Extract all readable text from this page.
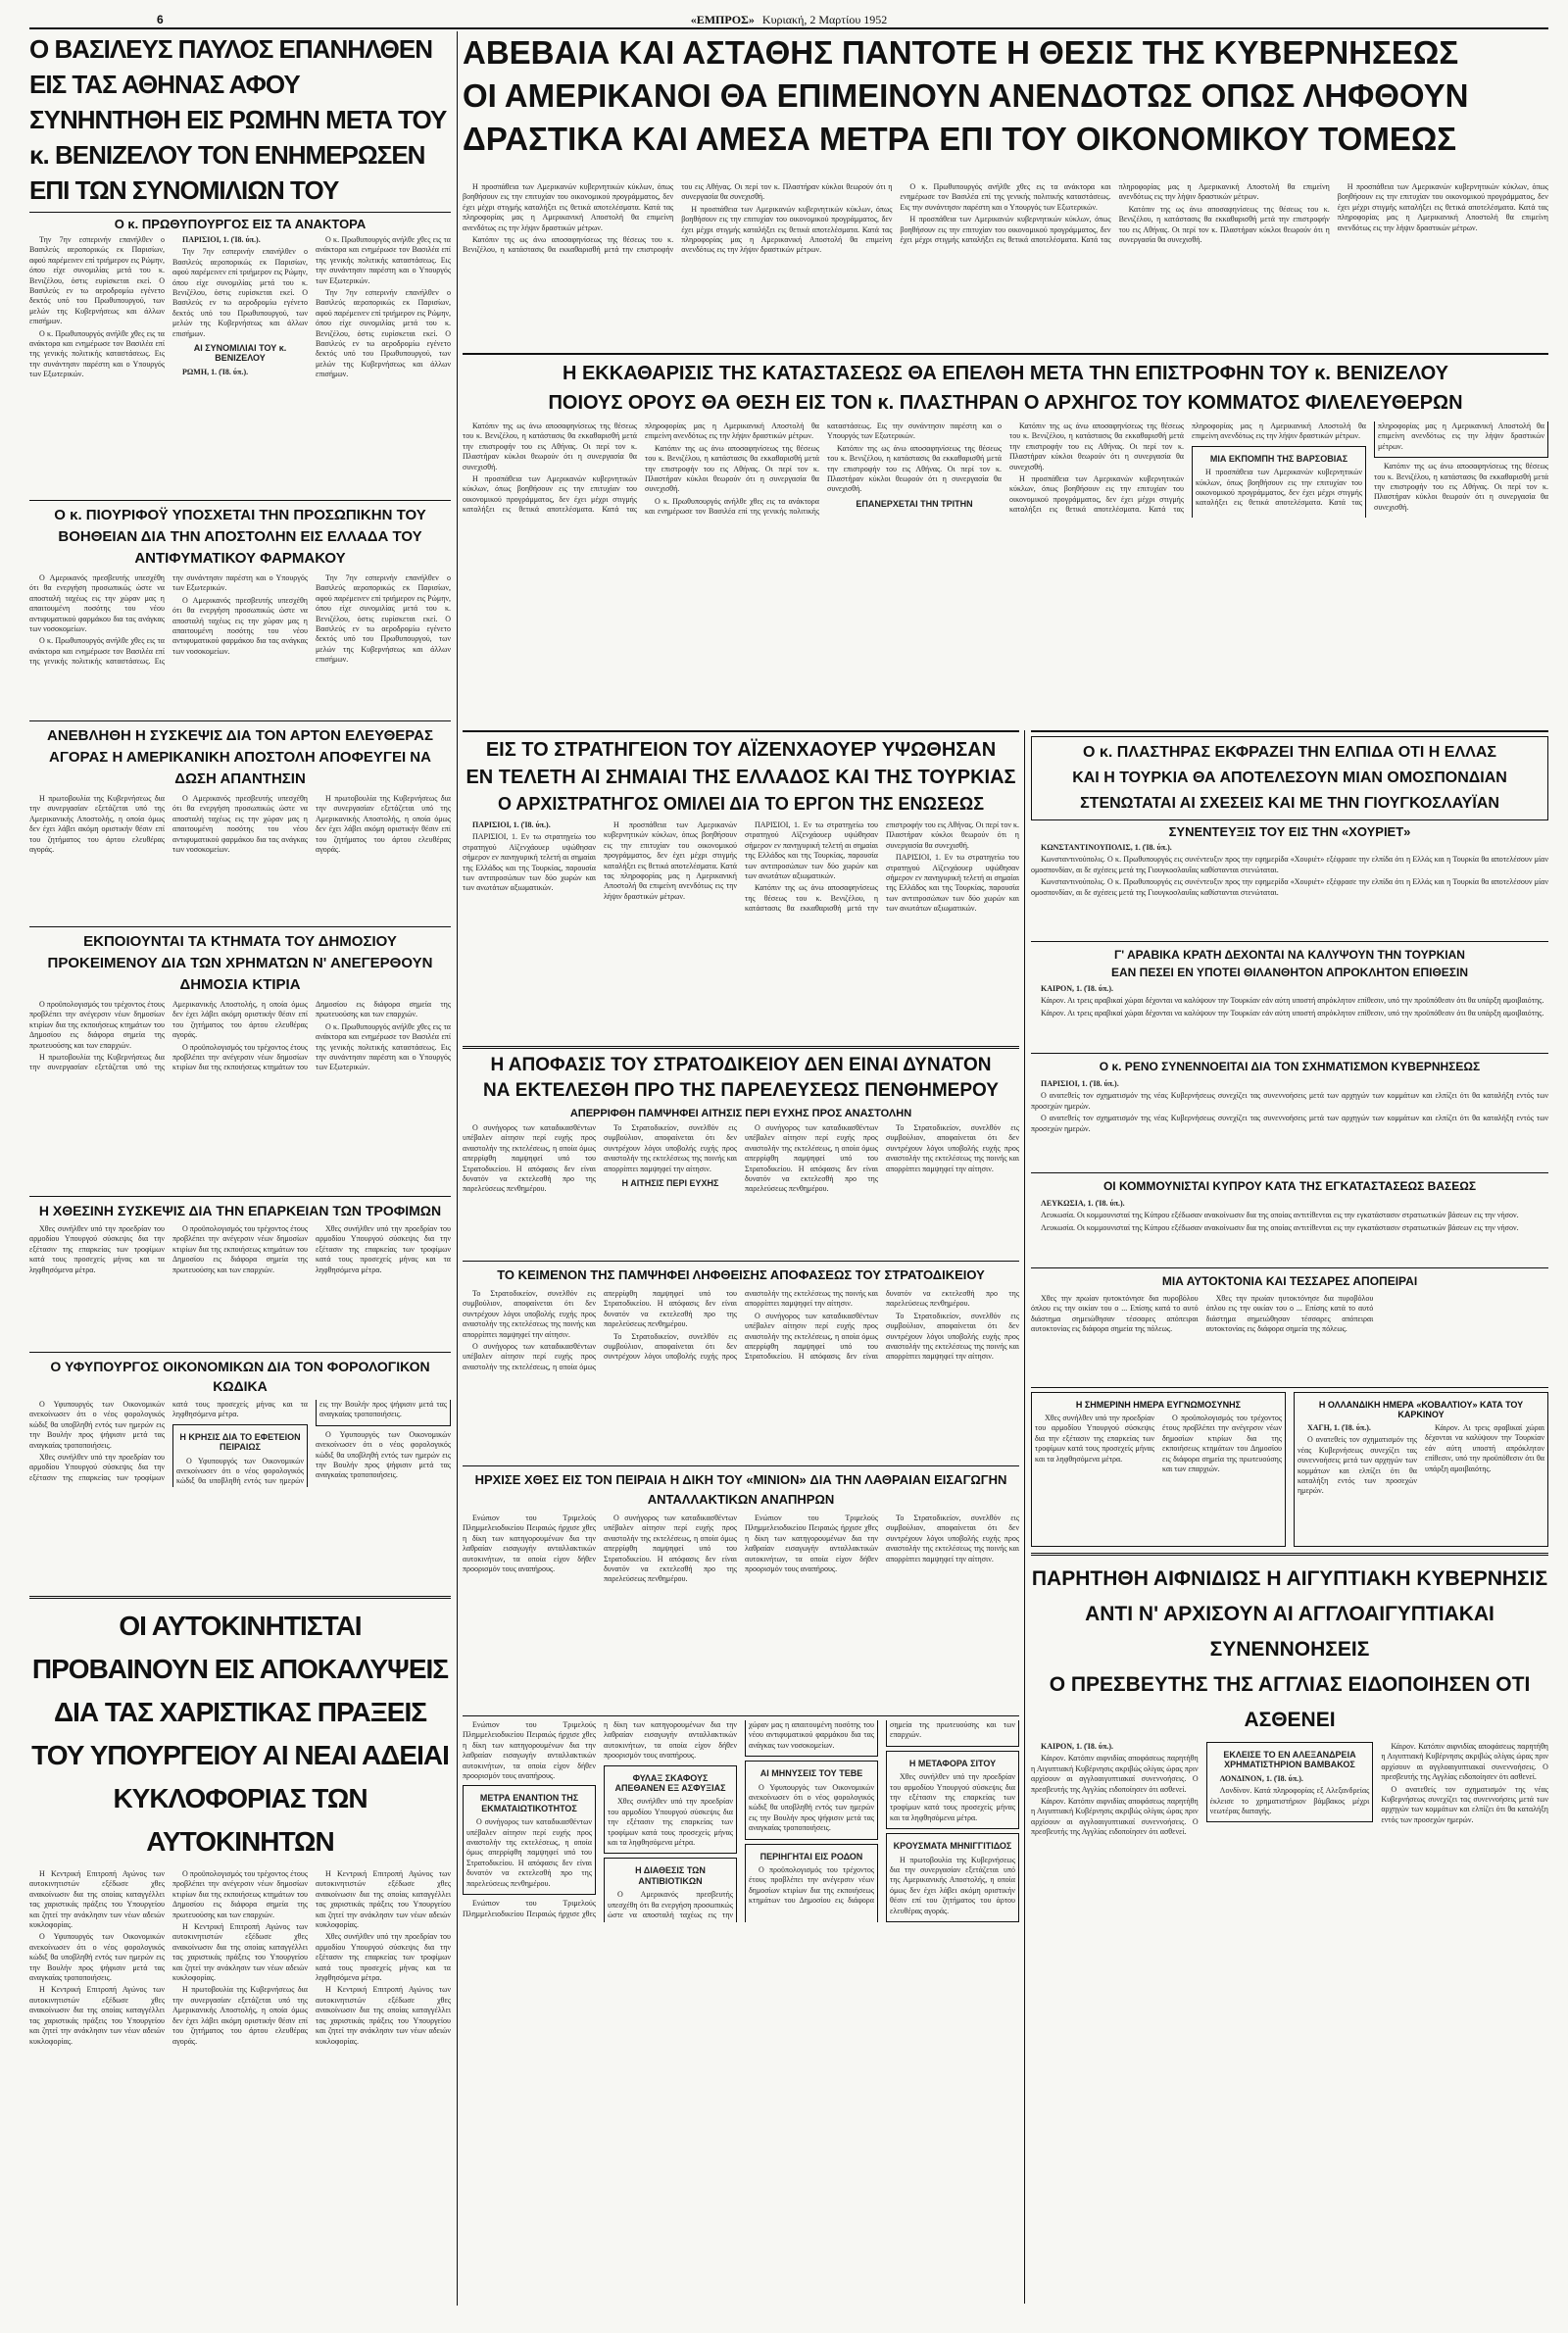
6	«ΕΜΠΡΟΣ» Κυριακή, 2 Μαρτίου 1952
Ο ΒΑΣΙΛΕΥΣ ΠΑΥΛΟΣ ΕΠΑΝΗΛΘΕΝ ΕΙΣ ΤΑΣ ΑΘΗΝΑΣ ΑΦΟΥ ΣΥΝΗΝΤΗΘΗ ΕΙΣ ΡΩΜΗΝ ΜΕΤΑ ΤΟΥ κ. ΒΕΝΙΖΕΛΟΥ ΤΟΝ ΕΝΗΜΕΡΩΣΕΝ ΕΠΙ ΤΩΝ ΣΥΝΟΜΙΛΙΩΝ ΤΟΥ
Ο κ. ΠΡΩΘΥΠΟΥΡΓΟΣ ΕΙΣ ΤΑ ΑΝΑΚΤΟΡΑ

Την 7ην εσπερινήν επανήλθεν ο Βασιλεύς αεροπορικώς εκ Παρισίων, αφού παρέμεινεν επί τριήμερον εις Ρώμην, όπου είχε συνομιλίας μετά του κ. Βενιζέλου, όστις ευρίσκεται εκεί. Ο Βασιλεύς εν τω αεροδρομίω εγένετο δεκτός υπό του Πρωθυπουργού, των μελών της Κυβερνήσεως και άλλων επισήμων.

Ο κ. Πρωθυπουργός ανήλθε χθες εις τα ανάκτορα και ενημέρωσε τον Βασιλέα επί της γενικής πολιτικής καταστάσεως. Εις την συνάντησιν παρέστη και ο Υπουργός των Εξωτερικών.

ΠΑΡΙΣΙΟΙ, 1. (Ί8. ύπ.).

Την 7ην εσπερινήν επανήλθεν ο Βασιλεύς αεροπορικώς εκ Παρισίων, αφού παρέμεινεν επί τριήμερον εις Ρώμην, όπου είχε συνομιλίας μετά του κ. Βενιζέλου, όστις ευρίσκεται εκεί. Ο Βασιλεύς εν τω αεροδρομίω εγένετο δεκτός υπό του Πρωθυπουργού, των μελών της Κυβερνήσεως και άλλων επισήμων.

ΑΙ ΣΥΝΟΜΙΛΙΑΙ ΤΟΥ κ. ΒΕΝΙΖΕΛΟΥ

ΡΩΜΗ, 1. (Ί8. ύπ.).

Ο κ. Πρωθυπουργός ανήλθε χθες εις τα ανάκτορα και ενημέρωσε τον Βασιλέα επί της γενικής πολιτικής καταστάσεως. Εις την συνάντησιν παρέστη και ο Υπουργός των Εξωτερικών.

Την 7ην εσπερινήν επανήλθεν ο Βασιλεύς αεροπορικώς εκ Παρισίων, αφού παρέμεινεν επί τριήμερον εις Ρώμην, όπου είχε συνομιλίας μετά του κ. Βενιζέλου, όστις ευρίσκεται εκεί. Ο Βασιλεύς εν τω αεροδρομίω εγένετο δεκτός υπό του Πρωθυπουργού, των μελών της Κυβερνήσεως και άλλων επισήμων.

Ο κ. ΠΙΟΥΡΙΦΟΫ ΥΠΟΣΧΕΤΑΙ ΤΗΝ ΠΡΟΣΩΠΙΚΗΝ ΤΟΥ ΒΟΗΘΕΙΑΝ ΔΙΑ ΤΗΝ ΑΠΟΣΤΟΛΗΝ ΕΙΣ ΕΛΛΑΔΑ ΤΟΥ ΑΝΤΙΦΥΜΑΤΙΚΟΥ ΦΑΡΜΑΚΟΥ

Ο Αμερικανός πρεσβευτής υπεσχέθη ότι θα ενεργήση προσωπικώς ώστε να αποσταλή ταχέως εις την χώραν μας η απαιτουμένη ποσότης του νέου αντιφυματικού φαρμάκου δια τας ανάγκας των νοσοκομείων.

Ο κ. Πρωθυπουργός ανήλθε χθες εις τα ανάκτορα και ενημέρωσε τον Βασιλέα επί της γενικής πολιτικής καταστάσεως. Εις την συνάντησιν παρέστη και ο Υπουργός των Εξωτερικών.

Ο Αμερικανός πρεσβευτής υπεσχέθη ότι θα ενεργήση προσωπικώς ώστε να αποσταλή ταχέως εις την χώραν μας η απαιτουμένη ποσότης του νέου αντιφυματικού φαρμάκου δια τας ανάγκας των νοσοκομείων.

Την 7ην εσπερινήν επανήλθεν ο Βασιλεύς αεροπορικώς εκ Παρισίων, αφού παρέμεινεν επί τριήμερον εις Ρώμην, όπου είχε συνομιλίας μετά του κ. Βενιζέλου, όστις ευρίσκεται εκεί. Ο Βασιλεύς εν τω αεροδρομίω εγένετο δεκτός υπό του Πρωθυπουργού, των μελών της Κυβερνήσεως και άλλων επισήμων.

ΑΝΕΒΛΗΘΗ Η ΣΥΣΚΕΨΙΣ ΔΙΑ ΤΟΝ ΑΡΤΟΝ ΕΛΕΥΘΕΡΑΣ ΑΓΟΡΑΣ Η ΑΜΕΡΙΚΑΝΙΚΗ ΑΠΟΣΤΟΛΗ ΑΠΟΦΕΥΓΕΙ ΝΑ ΔΩΣΗ ΑΠΑΝΤΗΣΙΝ

Η πρωτοβουλία της Κυβερνήσεως δια την συνεργασίαν εξετάζεται υπό της Αμερικανικής Αποστολής, η οποία όμως δεν έχει λάβει ακόμη οριστικήν θέσιν επί του ζητήματος του άρτου ελευθέρας αγοράς.

Ο Αμερικανός πρεσβευτής υπεσχέθη ότι θα ενεργήση προσωπικώς ώστε να αποσταλή ταχέως εις την χώραν μας η απαιτουμένη ποσότης του νέου αντιφυματικού φαρμάκου δια τας ανάγκας των νοσοκομείων.

Η πρωτοβουλία της Κυβερνήσεως δια την συνεργασίαν εξετάζεται υπό της Αμερικανικής Αποστολής, η οποία όμως δεν έχει λάβει ακόμη οριστικήν θέσιν επί του ζητήματος του άρτου ελευθέρας αγοράς.

ΕΚΠΟΙΟΥΝΤΑΙ ΤΑ ΚΤΗΜΑΤΑ ΤΟΥ ΔΗΜΟΣΙΟΥ ΠΡΟΚΕΙΜΕΝΟΥ ΔΙΑ ΤΩΝ ΧΡΗΜΑΤΩΝ Ν' ΑΝΕΓΕΡΘΟΥΝ ΔΗΜΟΣΙΑ ΚΤΙΡΙΑ

Ο προϋπολογισμός του τρέχοντος έτους προβλέπει την ανέγερσιν νέων δημοσίων κτιρίων δια της εκποιήσεως κτημάτων του Δημοσίου εις διάφορα σημεία της πρωτευούσης και των επαρχιών.

Η πρωτοβουλία της Κυβερνήσεως δια την συνεργασίαν εξετάζεται υπό της Αμερικανικής Αποστολής, η οποία όμως δεν έχει λάβει ακόμη οριστικήν θέσιν επί του ζητήματος του άρτου ελευθέρας αγοράς.

Ο προϋπολογισμός του τρέχοντος έτους προβλέπει την ανέγερσιν νέων δημοσίων κτιρίων δια της εκποιήσεως κτημάτων του Δημοσίου εις διάφορα σημεία της πρωτευούσης και των επαρχιών.

Ο κ. Πρωθυπουργός ανήλθε χθες εις τα ανάκτορα και ενημέρωσε τον Βασιλέα επί της γενικής πολιτικής καταστάσεως. Εις την συνάντησιν παρέστη και ο Υπουργός των Εξωτερικών.

Η ΧΘΕΣΙΝΗ ΣΥΣΚΕΨΙΣ ΔΙΑ ΤΗΝ ΕΠΑΡΚΕΙΑΝ ΤΩΝ ΤΡΟΦΙΜΩΝ

Χθες συνήλθεν υπό την προεδρίαν του αρμοδίου Υπουργού σύσκεψις δια την εξέτασιν της επαρκείας των τροφίμων κατά τους προσεχείς μήνας και τα ληφθησόμενα μέτρα.

Ο προϋπολογισμός του τρέχοντος έτους προβλέπει την ανέγερσιν νέων δημοσίων κτιρίων δια της εκποιήσεως κτημάτων του Δημοσίου εις διάφορα σημεία της πρωτευούσης και των επαρχιών.

Χθες συνήλθεν υπό την προεδρίαν του αρμοδίου Υπουργού σύσκεψις δια την εξέτασιν της επαρκείας των τροφίμων κατά τους προσεχείς μήνας και τα ληφθησόμενα μέτρα.

Ο ΥΦΥΠΟΥΡΓΟΣ ΟΙΚΟΝΟΜΙΚΩΝ ΔΙΑ ΤΟΝ ΦΟΡΟΛΟΓΙΚΟΝ ΚΩΔΙΚΑ

Ο Υφυπουργός των Οικονομικών ανεκοίνωσεν ότι ο νέος φορολογικός κώδιξ θα υποβληθή εντός των ημερών εις την Βουλήν προς ψήφισιν μετά τας αναγκαίας τροποποιήσεις.

Χθες συνήλθεν υπό την προεδρίαν του αρμοδίου Υπουργού σύσκεψις δια την εξέτασιν της επαρκείας των τροφίμων κατά τους προσεχείς μήνας και τα ληφθησόμενα μέτρα.

Η ΚΡΗΣΙΣ ΔΙΑ ΤΟ ΕΦΕΤΕΙΟΝ ΠΕΙΡΑΙΩΣ

Ο Υφυπουργός των Οικονομικών ανεκοίνωσεν ότι ο νέος φορολογικός κώδιξ θα υποβληθή εντός των ημερών εις την Βουλήν προς ψήφισιν μετά τας αναγκαίας τροποποιήσεις.

Ο Υφυπουργός των Οικονομικών ανεκοίνωσεν ότι ο νέος φορολογικός κώδιξ θα υποβληθή εντός των ημερών εις την Βουλήν προς ψήφισιν μετά τας αναγκαίας τροποποιήσεις.

ΟΙ ΑΥΤΟΚΙΝΗΤΙΣΤΑΙ ΠΡΟΒΑΙΝΟΥΝ ΕΙΣ ΑΠΟΚΑΛΥΨΕΙΣ ΔΙΑ ΤΑΣ ΧΑΡΙΣΤΙΚΑΣ ΠΡΑΞΕΙΣ ΤΟΥ ΥΠΟΥΡΓΕΙΟΥ ΑΙ ΝΕΑΙ ΑΔΕΙΑΙ ΚΥΚΛΟΦΟΡΙΑΣ ΤΩΝ ΑΥΤΟΚΙΝΗΤΩΝ

Η Κεντρική Επιτροπή Αγώνος των αυτοκινητιστών εξέδωσε χθες ανακοίνωσιν δια της οποίας καταγγέλλει τας χαριστικάς πράξεις του Υπουργείου και ζητεί την ανάκλησιν των νέων αδειών κυκλοφορίας.

Ο Υφυπουργός των Οικονομικών ανεκοίνωσεν ότι ο νέος φορολογικός κώδιξ θα υποβληθή εντός των ημερών εις την Βουλήν προς ψήφισιν μετά τας αναγκαίας τροποποιήσεις.

Η Κεντρική Επιτροπή Αγώνος των αυτοκινητιστών εξέδωσε χθες ανακοίνωσιν δια της οποίας καταγγέλλει τας χαριστικάς πράξεις του Υπουργείου και ζητεί την ανάκλησιν των νέων αδειών κυκλοφορίας.

Ο προϋπολογισμός του τρέχοντος έτους προβλέπει την ανέγερσιν νέων δημοσίων κτιρίων δια της εκποιήσεως κτημάτων του Δημοσίου εις διάφορα σημεία της πρωτευούσης και των επαρχιών.

Η Κεντρική Επιτροπή Αγώνος των αυτοκινητιστών εξέδωσε χθες ανακοίνωσιν δια της οποίας καταγγέλλει τας χαριστικάς πράξεις του Υπουργείου και ζητεί την ανάκλησιν των νέων αδειών κυκλοφορίας.

Η πρωτοβουλία της Κυβερνήσεως δια την συνεργασίαν εξετάζεται υπό της Αμερικανικής Αποστολής, η οποία όμως δεν έχει λάβει ακόμη οριστικήν θέσιν επί του ζητήματος του άρτου ελευθέρας αγοράς.

Η Κεντρική Επιτροπή Αγώνος των αυτοκινητιστών εξέδωσε χθες ανακοίνωσιν δια της οποίας καταγγέλλει τας χαριστικάς πράξεις του Υπουργείου και ζητεί την ανάκλησιν των νέων αδειών κυκλοφορίας.

Χθες συνήλθεν υπό την προεδρίαν του αρμοδίου Υπουργού σύσκεψις δια την εξέτασιν της επαρκείας των τροφίμων κατά τους προσεχείς μήνας και τα ληφθησόμενα μέτρα.

Η Κεντρική Επιτροπή Αγώνος των αυτοκινητιστών εξέδωσε χθες ανακοίνωσιν δια της οποίας καταγγέλλει τας χαριστικάς πράξεις του Υπουργείου και ζητεί την ανάκλησιν των νέων αδειών κυκλοφορίας.

ΑΒΕΒΑΙΑ ΚΑΙ ΑΣΤΑΘΗΣ ΠΑΝΤΟΤΕ Η ΘΕΣΙΣ ΤΗΣ ΚΥΒΕΡΝΗΣΕΩΣ
ΟΙ ΑΜΕΡΙΚΑΝΟΙ ΘΑ ΕΠΙΜΕΙΝΟΥΝ ΑΝΕΝΔΟΤΩΣ ΟΠΩΣ ΛΗΦΘΟΥΝ
ΔΡΑΣΤΙΚΑ ΚΑΙ ΑΜΕΣΑ ΜΕΤΡΑ ΕΠΙ ΤΟΥ ΟΙΚΟΝΟΜΙΚΟΥ ΤΟΜΕΩΣ

Η προσπάθεια των Αμερικανών κυβερνητικών κύκλων, όπως βοηθήσουν εις την επιτυχίαν του οικονομικού προγράμματος, δεν έχει μέχρι στιγμής καταλήξει εις θετικά αποτελέσματα. Κατά τας πληροφορίας μας η Αμερικανική Αποστολή θα επιμείνη ανενδότως εις την λήψιν δραστικών μέτρων.

Κατόπιν της ως άνω αποσαφηνίσεως της θέσεως του κ. Βενιζέλου, η κατάστασις θα εκκαθαρισθή μετά την επιστροφήν του εις Αθήνας. Οι περί τον κ. Πλαστήραν κύκλοι θεωρούν ότι η συνεργασία θα συνεχισθή.

Η προσπάθεια των Αμερικανών κυβερνητικών κύκλων, όπως βοηθήσουν εις την επιτυχίαν του οικονομικού προγράμματος, δεν έχει μέχρι στιγμής καταλήξει εις θετικά αποτελέσματα. Κατά τας πληροφορίας μας η Αμερικανική Αποστολή θα επιμείνη ανενδότως εις την λήψιν δραστικών μέτρων.

Ο κ. Πρωθυπουργός ανήλθε χθες εις τα ανάκτορα και ενημέρωσε τον Βασιλέα επί της γενικής πολιτικής καταστάσεως. Εις την συνάντησιν παρέστη και ο Υπουργός των Εξωτερικών.

Η προσπάθεια των Αμερικανών κυβερνητικών κύκλων, όπως βοηθήσουν εις την επιτυχίαν του οικονομικού προγράμματος, δεν έχει μέχρι στιγμής καταλήξει εις θετικά αποτελέσματα. Κατά τας πληροφορίας μας η Αμερικανική Αποστολή θα επιμείνη ανενδότως εις την λήψιν δραστικών μέτρων.

Κατόπιν της ως άνω αποσαφηνίσεως της θέσεως του κ. Βενιζέλου, η κατάστασις θα εκκαθαρισθή μετά την επιστροφήν του εις Αθήνας. Οι περί τον κ. Πλαστήραν κύκλοι θεωρούν ότι η συνεργασία θα συνεχισθή.

Η προσπάθεια των Αμερικανών κυβερνητικών κύκλων, όπως βοηθήσουν εις την επιτυχίαν του οικονομικού προγράμματος, δεν έχει μέχρι στιγμής καταλήξει εις θετικά αποτελέσματα. Κατά τας πληροφορίας μας η Αμερικανική Αποστολή θα επιμείνη ανενδότως εις την λήψιν δραστικών μέτρων.

Η ΕΚΚΑΘΑΡΙΣΙΣ ΤΗΣ ΚΑΤΑΣΤΑΣΕΩΣ ΘΑ ΕΠΕΛΘΗ ΜΕΤΑ ΤΗΝ ΕΠΙΣΤΡΟΦΗΝ ΤΟΥ κ. ΒΕΝΙΖΕΛΟΥ
ΠΟΙΟΥΣ ΟΡΟΥΣ ΘΑ ΘΕΣΗ ΕΙΣ ΤΟΝ κ. ΠΛΑΣΤΗΡΑΝ Ο ΑΡΧΗΓΟΣ ΤΟΥ ΚΟΜΜΑΤΟΣ ΦΙΛΕΛΕΥΘΕΡΩΝ

Κατόπιν της ως άνω αποσαφηνίσεως της θέσεως του κ. Βενιζέλου, η κατάστασις θα εκκαθαρισθή μετά την επιστροφήν του εις Αθήνας. Οι περί τον κ. Πλαστήραν κύκλοι θεωρούν ότι η συνεργασία θα συνεχισθή.

Η προσπάθεια των Αμερικανών κυβερνητικών κύκλων, όπως βοηθήσουν εις την επιτυχίαν του οικονομικού προγράμματος, δεν έχει μέχρι στιγμής καταλήξει εις θετικά αποτελέσματα. Κατά τας πληροφορίας μας η Αμερικανική Αποστολή θα επιμείνη ανενδότως εις την λήψιν δραστικών μέτρων.

Κατόπιν της ως άνω αποσαφηνίσεως της θέσεως του κ. Βενιζέλου, η κατάστασις θα εκκαθαρισθή μετά την επιστροφήν του εις Αθήνας. Οι περί τον κ. Πλαστήραν κύκλοι θεωρούν ότι η συνεργασία θα συνεχισθή.

Ο κ. Πρωθυπουργός ανήλθε χθες εις τα ανάκτορα και ενημέρωσε τον Βασιλέα επί της γενικής πολιτικής καταστάσεως. Εις την συνάντησιν παρέστη και ο Υπουργός των Εξωτερικών.

Κατόπιν της ως άνω αποσαφηνίσεως της θέσεως του κ. Βενιζέλου, η κατάστασις θα εκκαθαρισθή μετά την επιστροφήν του εις Αθήνας. Οι περί τον κ. Πλαστήραν κύκλοι θεωρούν ότι η συνεργασία θα συνεχισθή.

ΕΠΑΝΕΡΧΕΤΑΙ ΤΗΝ ΤΡΙΤΗΝ

Κατόπιν της ως άνω αποσαφηνίσεως της θέσεως του κ. Βενιζέλου, η κατάστασις θα εκκαθαρισθή μετά την επιστροφήν του εις Αθήνας. Οι περί τον κ. Πλαστήραν κύκλοι θεωρούν ότι η συνεργασία θα συνεχισθή.

Η προσπάθεια των Αμερικανών κυβερνητικών κύκλων, όπως βοηθήσουν εις την επιτυχίαν του οικονομικού προγράμματος, δεν έχει μέχρι στιγμής καταλήξει εις θετικά αποτελέσματα. Κατά τας πληροφορίας μας η Αμερικανική Αποστολή θα επιμείνη ανενδότως εις την λήψιν δραστικών μέτρων.

ΜΙΑ ΕΚΠΟΜΠΗ ΤΗΣ ΒΑΡΣΟΒΙΑΣ

Η προσπάθεια των Αμερικανών κυβερνητικών κύκλων, όπως βοηθήσουν εις την επιτυχίαν του οικονομικού προγράμματος, δεν έχει μέχρι στιγμής καταλήξει εις θετικά αποτελέσματα. Κατά τας πληροφορίας μας η Αμερικανική Αποστολή θα επιμείνη ανενδότως εις την λήψιν δραστικών μέτρων.

Κατόπιν της ως άνω αποσαφηνίσεως της θέσεως του κ. Βενιζέλου, η κατάστασις θα εκκαθαρισθή μετά την επιστροφήν του εις Αθήνας. Οι περί τον κ. Πλαστήραν κύκλοι θεωρούν ότι η συνεργασία θα συνεχισθή.

ΕΙΣ ΤΟ ΣΤΡΑΤΗΓΕΙΟΝ ΤΟΥ ΑΪΖΕΝΧΑΟΥΕΡ ΥΨΩΘΗΣΑΝ
ΕΝ ΤΕΛΕΤΗ ΑΙ ΣΗΜΑΙΑΙ ΤΗΣ ΕΛΛΑΔΟΣ ΚΑΙ ΤΗΣ ΤΟΥΡΚΙΑΣ
Ο ΑΡΧΙΣΤΡΑΤΗΓΟΣ ΟΜΙΛΕΙ ΔΙΑ ΤΟ ΕΡΓΟΝ ΤΗΣ ΕΝΩΣΕΩΣ

ΠΑΡΙΣΙΟΙ, 1. (Ί8. ύπ.).

ΠΑΡΙΣΙΟΙ, 1. Εν τω στρατηγείω του στρατηγού Αϊζενχάουερ υψώθησαν σήμερον εν πανηγυρική τελετή αι σημαίαι της Ελλάδος και της Τουρκίας, παρουσία των αντιπροσώπων των δύο χωρών και των ανωτάτων αξιωματικών.

Η προσπάθεια των Αμερικανών κυβερνητικών κύκλων, όπως βοηθήσουν εις την επιτυχίαν του οικονομικού προγράμματος, δεν έχει μέχρι στιγμής καταλήξει εις θετικά αποτελέσματα. Κατά τας πληροφορίας μας η Αμερικανική Αποστολή θα επιμείνη ανενδότως εις την λήψιν δραστικών μέτρων.

ΠΑΡΙΣΙΟΙ, 1. Εν τω στρατηγείω του στρατηγού Αϊζενχάουερ υψώθησαν σήμερον εν πανηγυρική τελετή αι σημαίαι της Ελλάδος και της Τουρκίας, παρουσία των αντιπροσώπων των δύο χωρών και των ανωτάτων αξιωματικών.

Κατόπιν της ως άνω αποσαφηνίσεως της θέσεως του κ. Βενιζέλου, η κατάστασις θα εκκαθαρισθή μετά την επιστροφήν του εις Αθήνας. Οι περί τον κ. Πλαστήραν κύκλοι θεωρούν ότι η συνεργασία θα συνεχισθή.

ΠΑΡΙΣΙΟΙ, 1. Εν τω στρατηγείω του στρατηγού Αϊζενχάουερ υψώθησαν σήμερον εν πανηγυρική τελετή αι σημαίαι της Ελλάδος και της Τουρκίας, παρουσία των αντιπροσώπων των δύο χωρών και των ανωτάτων αξιωματικών.

Η ΑΠΟΦΑΣΙΣ ΤΟΥ ΣΤΡΑΤΟΔΙΚΕΙΟΥ ΔΕΝ ΕΙΝΑΙ ΔΥΝΑΤΟΝ
ΝΑ ΕΚΤΕΛΕΣΘΗ ΠΡΟ ΤΗΣ ΠΑΡΕΛΕΥΣΕΩΣ ΠΕΝΘΗΜΕΡΟΥ
ΑΠΕΡΡΙΦΘΗ ΠΑΜΨΗΦΕΙ ΑΙΤΗΣΙΣ ΠΕΡΙ ΕΥΧΗΣ ΠΡΟΣ ΑΝΑΣΤΟΛΗΝ

Ο συνήγορος των καταδικασθέντων υπέβαλεν αίτησιν περί ευχής προς αναστολήν της εκτελέσεως, η οποία όμως απερρίφθη παμψηφεί υπό του Στρατοδικείου. Η απόφασις δεν είναι δυνατόν να εκτελεσθή προ της παρελεύσεως πενθημέρου.

Το Στρατοδικείον, συνελθόν εις συμβούλιον, αποφαίνεται ότι δεν συντρέχουν λόγοι υποβολής ευχής προς αναστολήν της εκτελέσεως της ποινής και απορρίπτει παμψηφεί την αίτησιν.

Η ΑΙΤΗΣΙΣ ΠΕΡΙ ΕΥΧΗΣ

Ο συνήγορος των καταδικασθέντων υπέβαλεν αίτησιν περί ευχής προς αναστολήν της εκτελέσεως, η οποία όμως απερρίφθη παμψηφεί υπό του Στρατοδικείου. Η απόφασις δεν είναι δυνατόν να εκτελεσθή προ της παρελεύσεως πενθημέρου.

Το Στρατοδικείον, συνελθόν εις συμβούλιον, αποφαίνεται ότι δεν συντρέχουν λόγοι υποβολής ευχής προς αναστολήν της εκτελέσεως της ποινής και απορρίπτει παμψηφεί την αίτησιν.

ΤΟ ΚΕΙΜΕΝΟΝ ΤΗΣ ΠΑΜΨΗΦΕΙ ΛΗΦΘΕΙΣΗΣ ΑΠΟΦΑΣΕΩΣ ΤΟΥ ΣΤΡΑΤΟΔΙΚΕΙΟΥ

Το Στρατοδικείον, συνελθόν εις συμβούλιον, αποφαίνεται ότι δεν συντρέχουν λόγοι υποβολής ευχής προς αναστολήν της εκτελέσεως της ποινής και απορρίπτει παμψηφεί την αίτησιν.

Ο συνήγορος των καταδικασθέντων υπέβαλεν αίτησιν περί ευχής προς αναστολήν της εκτελέσεως, η οποία όμως απερρίφθη παμψηφεί υπό του Στρατοδικείου. Η απόφασις δεν είναι δυνατόν να εκτελεσθή προ της παρελεύσεως πενθημέρου.

Το Στρατοδικείον, συνελθόν εις συμβούλιον, αποφαίνεται ότι δεν συντρέχουν λόγοι υποβολής ευχής προς αναστολήν της εκτελέσεως της ποινής και απορρίπτει παμψηφεί την αίτησιν.

Ο συνήγορος των καταδικασθέντων υπέβαλεν αίτησιν περί ευχής προς αναστολήν της εκτελέσεως, η οποία όμως απερρίφθη παμψηφεί υπό του Στρατοδικείου. Η απόφασις δεν είναι δυνατόν να εκτελεσθή προ της παρελεύσεως πενθημέρου.

Το Στρατοδικείον, συνελθόν εις συμβούλιον, αποφαίνεται ότι δεν συντρέχουν λόγοι υποβολής ευχής προς αναστολήν της εκτελέσεως της ποινής και απορρίπτει παμψηφεί την αίτησιν.

ΗΡΧΙΣΕ ΧΘΕΣ ΕΙΣ ΤΟΝ ΠΕΙΡΑΙΑ Η ΔΙΚΗ ΤΟΥ «MINION» ΔΙΑ ΤΗΝ ΛΑΘΡΑΙΑΝ ΕΙΣΑΓΩΓΗΝ ΑΝΤΑΛΛΑΚΤΙΚΩΝ ΑΝΑΠΗΡΩΝ

Ενώπιον του Τριμελούς Πλημμελειοδικείου Πειραιώς ήρχισε χθες η δίκη των κατηγορουμένων δια την λαθραίαν εισαγωγήν ανταλλακτικών αυτοκινήτων, τα οποία είχον δήθεν προορισμόν τους αναπήρους.

Ο συνήγορος των καταδικασθέντων υπέβαλεν αίτησιν περί ευχής προς αναστολήν της εκτελέσεως, η οποία όμως απερρίφθη παμψηφεί υπό του Στρατοδικείου. Η απόφασις δεν είναι δυνατόν να εκτελεσθή προ της παρελεύσεως πενθημέρου.

Ενώπιον του Τριμελούς Πλημμελειοδικείου Πειραιώς ήρχισε χθες η δίκη των κατηγορουμένων δια την λαθραίαν εισαγωγήν ανταλλακτικών αυτοκινήτων, τα οποία είχον δήθεν προορισμόν τους αναπήρους.

Το Στρατοδικείον, συνελθόν εις συμβούλιον, αποφαίνεται ότι δεν συντρέχουν λόγοι υποβολής ευχής προς αναστολήν της εκτελέσεως της ποινής και απορρίπτει παμψηφεί την αίτησιν.

Ενώπιον του Τριμελούς Πλημμελειοδικείου Πειραιώς ήρχισε χθες η δίκη των κατηγορουμένων δια την λαθραίαν εισαγωγήν ανταλλακτικών αυτοκινήτων, τα οποία είχον δήθεν προορισμόν τους αναπήρους.

ΜΕΤΡΑ ΕΝΑΝΤΙΟΝ ΤΗΣ ΕΚΜΑΤΑΙΩΤΙΚΟΤΗΤΟΣ

Ο συνήγορος των καταδικασθέντων υπέβαλεν αίτησιν περί ευχής προς αναστολήν της εκτελέσεως, η οποία όμως απερρίφθη παμψηφεί υπό του Στρατοδικείου. Η απόφασις δεν είναι δυνατόν να εκτελεσθή προ της παρελεύσεως πενθημέρου.

Ενώπιον του Τριμελούς Πλημμελειοδικείου Πειραιώς ήρχισε χθες η δίκη των κατηγορουμένων δια την λαθραίαν εισαγωγήν ανταλλακτικών αυτοκινήτων, τα οποία είχον δήθεν προορισμόν τους αναπήρους.

ΦΥΛΑΞ ΣΚΑΦΟΥΣ ΑΠΕΘΑΝΕΝ ΕΞ ΑΣΦΥΞΙΑΣ

Χθες συνήλθεν υπό την προεδρίαν του αρμοδίου Υπουργού σύσκεψις δια την εξέτασιν της επαρκείας των τροφίμων κατά τους προσεχείς μήνας και τα ληφθησόμενα μέτρα.

Η ΔΙΑΘΕΣΙΣ ΤΩΝ ΑΝΤΙΒΙΟΤΙΚΩΝ

Ο Αμερικανός πρεσβευτής υπεσχέθη ότι θα ενεργήση προσωπικώς ώστε να αποσταλή ταχέως εις την χώραν μας η απαιτουμένη ποσότης του νέου αντιφυματικού φαρμάκου δια τας ανάγκας των νοσοκομείων.

ΑΙ ΜΗΝΥΣΕΙΣ ΤΟΥ ΤΕΒΕ

Ο Υφυπουργός των Οικονομικών ανεκοίνωσεν ότι ο νέος φορολογικός κώδιξ θα υποβληθή εντός των ημερών εις την Βουλήν προς ψήφισιν μετά τας αναγκαίας τροποποιήσεις.

ΠΕΡΙΗΓΗΤΑΙ ΕΙΣ ΡΟΔΟΝ

Ο προϋπολογισμός του τρέχοντος έτους προβλέπει την ανέγερσιν νέων δημοσίων κτιρίων δια της εκποιήσεως κτημάτων του Δημοσίου εις διάφορα σημεία της πρωτευούσης και των επαρχιών.

Η ΜΕΤΑΦΟΡΑ ΣΙΤΟΥ

Χθες συνήλθεν υπό την προεδρίαν του αρμοδίου Υπουργού σύσκεψις δια την εξέτασιν της επαρκείας των τροφίμων κατά τους προσεχείς μήνας και τα ληφθησόμενα μέτρα.

ΚΡΟΥΣΜΑΤΑ ΜΗΝΙΓΓΙΤΙΔΟΣ

Η πρωτοβουλία της Κυβερνήσεως δια την συνεργασίαν εξετάζεται υπό της Αμερικανικής Αποστολής, η οποία όμως δεν έχει λάβει ακόμη οριστικήν θέσιν επί του ζητήματος του άρτου ελευθέρας αγοράς.

Ο κ. ΠΛΑΣΤΗΡΑΣ ΕΚΦΡΑΖΕΙ ΤΗΝ ΕΛΠΙΔΑ ΟΤΙ Η ΕΛΛΑΣ
ΚΑΙ Η ΤΟΥΡΚΙΑ ΘΑ ΑΠΟΤΕΛΕΣΟΥΝ ΜΙΑΝ ΟΜΟΣΠΟΝΔΙΑΝ
ΣΤΕΝΩΤΑΤΑΙ ΑΙ ΣΧΕΣΕΙΣ ΚΑΙ ΜΕ ΤΗΝ ΓΙΟΥΓΚΟΣΛΑΥΪΑΝ
ΣΥΝΕΝΤΕΥΞΙΣ ΤΟΥ ΕΙΣ ΤΗΝ «ΧΟΥΡΙΕΤ»

ΚΩΝΣΤΑΝΤΙΝΟΥΠΟΛΙΣ, 1. (Ί8. ύπ.).

Κωνσταντινούπολις. Ο κ. Πρωθυπουργός εις συνέντευξιν προς την εφημερίδα «Χουριέτ» εξέφρασε την ελπίδα ότι η Ελλάς και η Τουρκία θα αποτελέσουν μίαν ομοσπονδίαν, αι δε σχέσεις μετά της Γιουγκοσλαυΐας καθίστανται στενώταται.

Κωνσταντινούπολις. Ο κ. Πρωθυπουργός εις συνέντευξιν προς την εφημερίδα «Χουριέτ» εξέφρασε την ελπίδα ότι η Ελλάς και η Τουρκία θα αποτελέσουν μίαν ομοσπονδίαν, αι δε σχέσεις μετά της Γιουγκοσλαυΐας καθίστανται στενώταται.

Γ' ΑΡΑΒΙΚΑ ΚΡΑΤΗ ΔΕΧΟΝΤΑΙ ΝΑ ΚΑΛΥΨΟΥΝ ΤΗΝ ΤΟΥΡΚΙΑΝ
ΕΑΝ ΠΕΣΕΙ ΕΝ ΥΠΟΤΕΙ ΘΙΛΑΝΘΗΤΟΝ ΑΠΡΟΚΛΗΤΟΝ ΕΠΙΘΕΣΙΝ

ΚΑΙΡΟΝ, 1. (Ί8. ύπ.).

Κάιρον. Αι τρεις αραβικαί χώραι δέχονται να καλύψουν την Τουρκίαν εάν αύτη υποστή απρόκλητον επίθεσιν, υπό την προϋπόθεσιν ότι θα υπάρξη αμοιβαιότης.

Κάιρον. Αι τρεις αραβικαί χώραι δέχονται να καλύψουν την Τουρκίαν εάν αύτη υποστή απρόκλητον επίθεσιν, υπό την προϋπόθεσιν ότι θα υπάρξη αμοιβαιότης.

Ο κ. ΡΕΝΟ ΣΥΝΕΝΝΟΕΙΤΑΙ ΔΙΑ ΤΟΝ ΣΧΗΜΑΤΙΣΜΟΝ ΚΥΒΕΡΝΗΣΕΩΣ

ΠΑΡΙΣΙΟΙ, 1. (Ί8. ύπ.).

Ο ανατεθείς τον σχηματισμόν της νέας Κυβερνήσεως συνεχίζει τας συνεννοήσεις μετά των αρχηγών των κομμάτων και ελπίζει ότι θα καταλήξη εντός των προσεχών ημερών.

Ο ανατεθείς τον σχηματισμόν της νέας Κυβερνήσεως συνεχίζει τας συνεννοήσεις μετά των αρχηγών των κομμάτων και ελπίζει ότι θα καταλήξη εντός των προσεχών ημερών.

ΟΙ ΚΟΜΜΟΥΝΙΣΤΑΙ ΚΥΠΡΟΥ ΚΑΤΑ ΤΗΣ ΕΓΚΑΤΑΣΤΑΣΕΩΣ ΒΑΣΕΩΣ

ΛΕΥΚΩΣΙΑ, 1. (Ί8. ύπ.).

Λευκωσία. Οι κομμουνισταί της Κύπρου εξέδωσαν ανακοίνωσιν δια της οποίας αντιτίθενται εις την εγκατάστασιν στρατιωτικών βάσεων εις την νήσον.

Λευκωσία. Οι κομμουνισταί της Κύπρου εξέδωσαν ανακοίνωσιν δια της οποίας αντιτίθενται εις την εγκατάστασιν στρατιωτικών βάσεων εις την νήσον.

ΜΙΑ ΑΥΤΟΚΤΟΝΙΑ ΚΑΙ ΤΕΣΣΑΡΕΣ ΑΠΟΠΕΙΡΑΙ

Χθες την πρωίαν ηυτοκτόνησε δια πυροβόλου όπλου εις την οικίαν του ο ... Επίσης κατά το αυτό διάστημα σημειώθησαν τέσσαρες απόπειραι αυτοκτονίας εις διάφορα σημεία της πόλεως.

Χθες την πρωίαν ηυτοκτόνησε δια πυροβόλου όπλου εις την οικίαν του ο ... Επίσης κατά το αυτό διάστημα σημειώθησαν τέσσαρες απόπειραι αυτοκτονίας εις διάφορα σημεία της πόλεως.

Η ΣΗΜΕΡΙΝΗ ΗΜΕΡΑ ΕΥΓΝΩΜΟΣΥΝΗΣ

Χθες συνήλθεν υπό την προεδρίαν του αρμοδίου Υπουργού σύσκεψις δια την εξέτασιν της επαρκείας των τροφίμων κατά τους προσεχείς μήνας και τα ληφθησόμενα μέτρα.

Ο προϋπολογισμός του τρέχοντος έτους προβλέπει την ανέγερσιν νέων δημοσίων κτιρίων δια της εκποιήσεως κτημάτων του Δημοσίου εις διάφορα σημεία της πρωτευούσης και των επαρχιών.

Η ΟΛΛΑΝΔΙΚΗ ΗΜΕΡΑ «ΚΟΒΑΛΤΙΟΥ» ΚΑΤΑ ΤΟΥ ΚΑΡΚΙΝΟΥ

ΧΑΓΗ, 1. (Ί8. ύπ.).

Ο ανατεθείς τον σχηματισμόν της νέας Κυβερνήσεως συνεχίζει τας συνεννοήσεις μετά των αρχηγών των κομμάτων και ελπίζει ότι θα καταλήξη εντός των προσεχών ημερών.

Κάιρον. Αι τρεις αραβικαί χώραι δέχονται να καλύψουν την Τουρκίαν εάν αύτη υποστή απρόκλητον επίθεσιν, υπό την προϋπόθεσιν ότι θα υπάρξη αμοιβαιότης.

ΠΑΡΗΤΗΘΗ ΑΙΦΝΙΔΙΩΣ Η ΑΙΓΥΠΤΙΑΚΗ ΚΥΒΕΡΝΗΣΙΣ
ΑΝΤΙ Ν' ΑΡΧΙΣΟΥΝ ΑΙ ΑΓΓΛΟΑΙΓΥΠΤΙΑΚΑΙ ΣΥΝΕΝΝΟΗΣΕΙΣ
Ο ΠΡΕΣΒΕΥΤΗΣ ΤΗΣ ΑΓΓΛΙΑΣ ΕΙΔΟΠΟΙΗΣΕΝ ΟΤΙ ΑΣΘΕΝΕΙ

ΚΑΙΡΟΝ, 1. (Ί8. ύπ.).

Κάιρον. Κατόπιν αιφνιδίας αποφάσεως παρητήθη η Αιγυπτιακή Κυβέρνησις ακριβώς ολίγας ώρας πριν αρχίσουν αι αγγλοαιγυπτιακαί συνεννοήσεις. Ο πρεσβευτής της Αγγλίας ειδοποίησεν ότι ασθενεί.

Κάιρον. Κατόπιν αιφνιδίας αποφάσεως παρητήθη η Αιγυπτιακή Κυβέρνησις ακριβώς ολίγας ώρας πριν αρχίσουν αι αγγλοαιγυπτιακαί συνεννοήσεις. Ο πρεσβευτής της Αγγλίας ειδοποίησεν ότι ασθενεί.

ΕΚΛΕΙΣΕ ΤΟ ΕΝ ΑΛΕΞΑΝΔΡΕΙΑ ΧΡΗΜΑΤΙΣΤΗΡΙΟΝ ΒΑΜΒΑΚΟΣ

ΛΟΝΔΙΝΟΝ, 1. (Ί8. ύπ.).

Λονδίνον. Κατά πληροφορίας εξ Αλεξανδρείας έκλεισε το χρηματιστήριον βάμβακος μέχρι νεωτέρας διαταγής.

Κάιρον. Κατόπιν αιφνιδίας αποφάσεως παρητήθη η Αιγυπτιακή Κυβέρνησις ακριβώς ολίγας ώρας πριν αρχίσουν αι αγγλοαιγυπτιακαί συνεννοήσεις. Ο πρεσβευτής της Αγγλίας ειδοποίησεν ότι ασθενεί.

Ο ανατεθείς τον σχηματισμόν της νέας Κυβερνήσεως συνεχίζει τας συνεννοήσεις μετά των αρχηγών των κομμάτων και ελπίζει ότι θα καταλήξη εντός των προσεχών ημερών.
